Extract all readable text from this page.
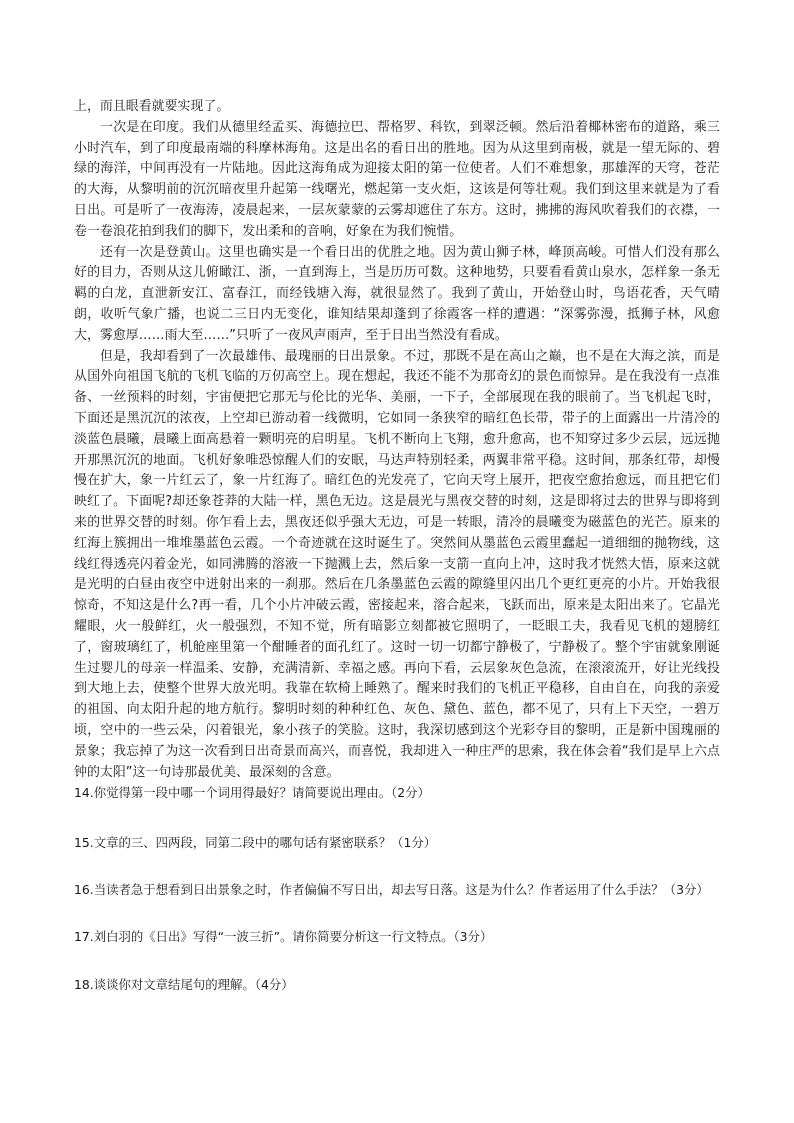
上，而且眼看就要实现了。

一次是在印度。我们从德里经孟买、海德拉巴、帮格罗、科钦，到翠泛顿。然后沿着椰林密布的道路，乘三小时汽车，到了印度最南端的科摩林海角。这是出名的看日出的胜地。因为从这里到南极，就是一望无际的、碧绿的海洋，中间再没有一片陆地。因此这海角成为迎接太阳的第一位使者。人们不难想象，那雄浑的天穹，苍茫的大海，从黎明前的沉沉暗夜里升起第一线曙光，燃起第一支火炬，这该是何等壮观。我们到这里来就是为了看日出。可是听了一夜海涛，凌晨起来，一层灰蒙蒙的云雾却遮住了东方。这时，拂拂的海风吹着我们的衣襟，一卷一卷浪花拍到我们的脚下，发出柔和的音响，好象在为我们惋惜。

还有一次是登黄山。这里也确实是一个看日出的优胜之地。因为黄山狮子林，峰顶高峻。可惜人们没有那么好的目力，否则从这儿俯瞰江、浙，一直到海上，当是历历可数。这种地势，只要看看黄山泉水，怎样象一条无羁的白龙，直泄新安江、富春江，而经钱塘入海，就很显然了。我到了黄山，开始登山时，鸟语花香，天气晴朗，收听气象广播，也说二三日内无变化，谁知结果却蓬到了徐霞客一样的遭遇：“深雾弥漫，抵狮子林，风愈大，雾愈厚……雨大至……”只听了一夜风声雨声，至于日出当然没有看成。

但是，我却看到了一次最雄伟、最瑰丽的日出景象。不过，那既不是在高山之巅，也不是在大海之滨，而是从国外向祖国飞航的飞机飞临的万仞高空上。现在想起，我还不能不为那奇幻的景色而惊异。是在我没有一点准备、一丝预料的时刻，宇宙便把它那无与伦比的光华、美丽，一下子，全部展现在我的眼前了。当飞机起飞时，下面还是黑沉沉的浓夜，上空却已游动着一线微明，它如同一条狭窄的暗红色长带，带子的上面露出一片清冷的淡蓝色晨曦，晨曦上面高悬着一颗明亮的启明星。飞机不断向上飞翔，愈升愈高，也不知穿过多少云层，远远抛开那黑沉沉的地面。飞机好象唯恐惊醒人们的安眠，马达声特别轻柔，两翼非常平稳。这时间，那条红带，却慢慢在扩大，象一片红云了，象一片红海了。暗红色的光发亮了，它向天穹上展开，把夜空愈抬愈远，而且把它们映红了。下面呢?却还象苍莽的大陆一样，黑色无边。这是晨光与黑夜交替的时刻，这是即将过去的世界与即将到来的世界交替的时刻。你乍看上去，黑夜还似乎强大无边，可是一转眼，清冷的晨曦变为磁蓝色的光芒。原来的红海上簇拥出一堆堆墨蓝色云霞。一个奇迹就在这时诞生了。突然间从墨蓝色云霞里蠢起一道细细的抛物线，这线红得透亮闪着金光，如同沸腾的溶液一下抛溅上去，然后象一支箭一直向上冲，这时我才恍然大悟，原来这就是光明的白昼由夜空中迸射出来的一刹那。然后在几条墨蓝色云霞的隙缝里闪出几个更红更亮的小片。开始我很惊奇，不知这是什么?再一看，几个小片冲破云霞，密接起来，溶合起来，飞跃而出，原来是太阳出来了。它晶光耀眼，火一般鲜红，火一般强烈，不知不觉，所有暗影立刻都被它照明了，一眨眼工夫，我看见飞机的翅膀红了，窗玻璃红了，机舱座里第一个酣睡者的面孔红了。这时一切一切都宁静极了，宁静极了。整个宇宙就象刚诞生过婴儿的母亲一样温柔、安静，充满清新、幸福之感。再向下看，云层象灰色急流，在滚滚流开，好让光线投到大地上去，使整个世界大放光明。我靠在软椅上睡熟了。醒来时我们的飞机正平稳移，自由自在，向我的亲爱的祖国、向太阳升起的地方航行。黎明时刻的种种红色、灰色、黛色、蓝色，都不见了，只有上下天空，一碧万顷，空中的一些云朵，闪着银光，象小孩子的笑脸。这时，我深切感到这个光彩夺目的黎明，正是新中国瑰丽的景象；我忘掉了为这一次看到日出奇景而高兴，而喜悦，我却进入一种庄严的思索，我在体会着“我们是早上六点钟的太阳”这一句诗那最优美、最深刻的含意。

14.你觉得第一段中哪一个词用得最好？请简要说出理由。（2分）

15.文章的三、四两段，同第二段中的哪句话有紧密联系？（1分）

16.当读者急于想看到日出景象之时，作者偏偏不写日出，却去写日落。这是为什么？作者运用了什么手法？（3分）

17.刘白羽的《日出》写得“一波三折”。请你简要分析这一行文特点。（3分）

18.谈谈你对文章结尾句的理解。（4分）
